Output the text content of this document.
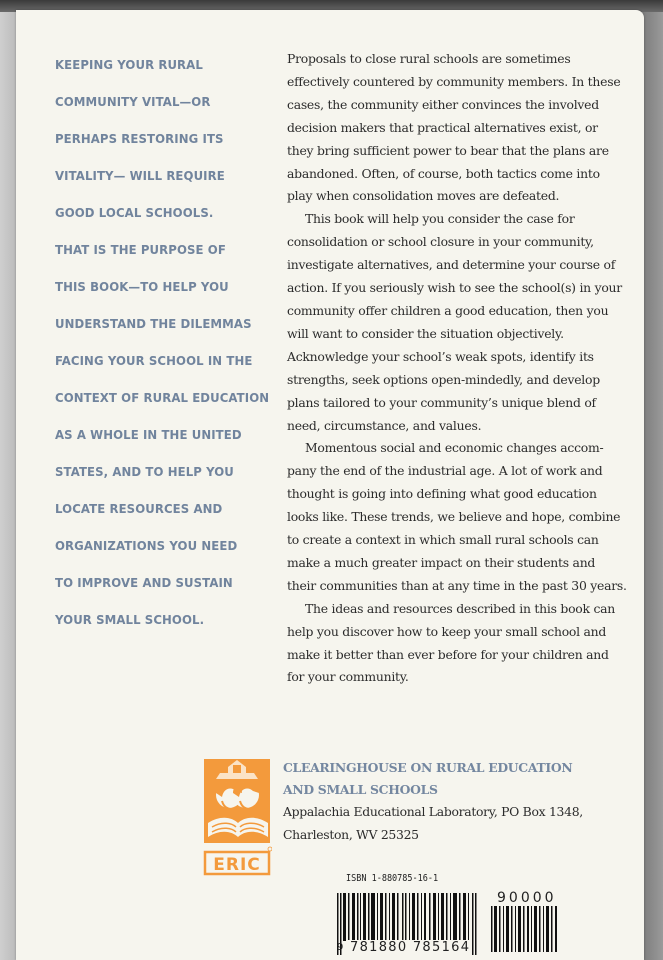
KEEPING YOUR RURAL
COMMUNITY VITAL—OR
PERHAPS RESTORING ITS
VITALITY— WILL REQUIRE
GOOD LOCAL SCHOOLS.
THAT IS THE PURPOSE OF
THIS BOOK—TO HELP YOU
UNDERSTAND THE DILEMMAS
FACING YOUR SCHOOL IN THE
CONTEXT OF RURAL EDUCATION
AS A WHOLE IN THE UNITED
STATES, AND TO HELP YOU
LOCATE RESOURCES AND
ORGANIZATIONS YOU NEED
TO IMPROVE AND SUSTAIN
YOUR SMALL SCHOOL.

Proposals to close rural schools are sometimes effectively countered by community members. In these cases, the community either convinces the involved decision makers that practical alternatives exist, or they bring sufficient power to bear that the plans are abandoned. Often, of course, both tactics come into play when consolidation moves are defeated.

This book will help you consider the case for consolidation or school closure in your community, investigate alternatives, and determine your course of action. If you seriously wish to see the school(s) in your community offer children a good education, then you will want to consider the situation objectively. Acknowledge your school’s weak spots, identify its strengths, seek options open-mindedly, and develop plans tailored to your community’s unique blend of need, circumstance, and values.

Momentous social and economic changes accompany the end of the industrial age. A lot of work and thought is going into defining what good education looks like. These trends, we believe and hope, combine to create a context in which small rural schools can make a much greater impact on their students and their communities than at any time in the past 30 years.

The ideas and resources described in this book can help you discover how to keep your small school and make it better than ever before for your children and for your community.

ERIC
CLEARINGHOUSE ON RURAL EDUCATION
AND SMALL SCHOOLS
Appalachia Educational Laboratory, PO Box 1348,
Charleston, WV 25325
ISBN 1-880785-16-1
9 781880 785164
90000
